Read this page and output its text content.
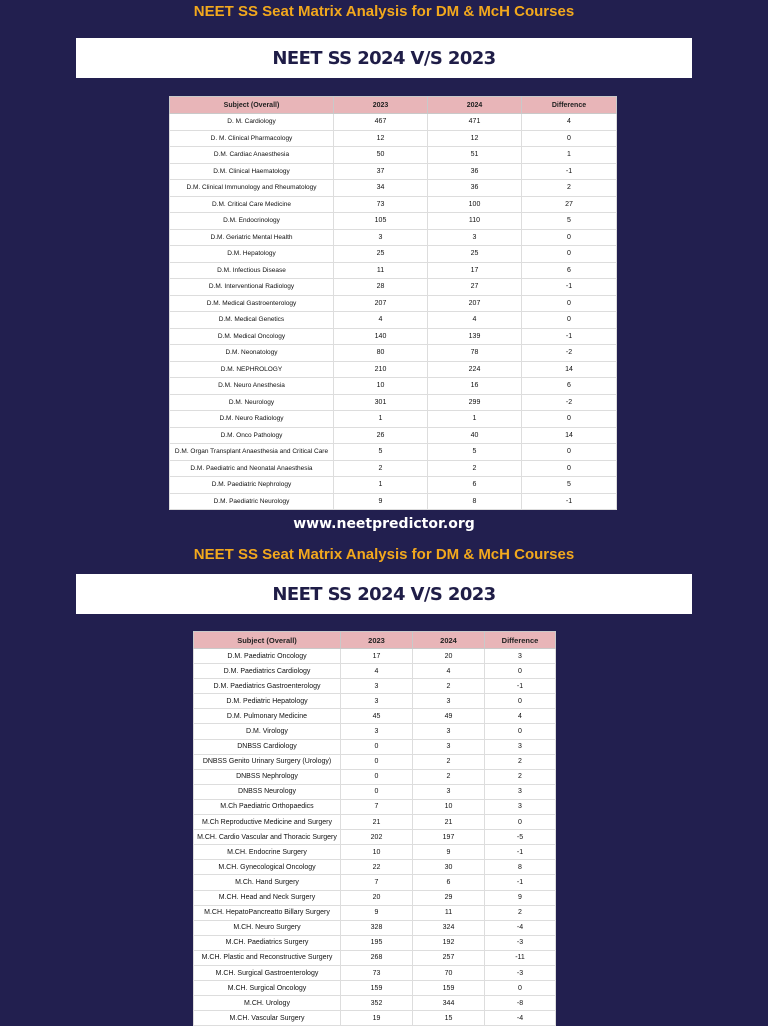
NEET SS Seat Matrix Analysis for DM & McH Courses
NEET SS 2024 V/S 2023
Subject (Overall)	2023	2024	Difference
D. M. Cardiology	467	471	4
D. M. Clinical Pharmacology	12	12	0
D.M. Cardiac Anaesthesia	50	51	1
D.M. Clinical Haematology	37	36	-1
D.M. Clinical Immunology and Rheumatology	34	36	2
D.M. Critical Care Medicine	73	100	27
D.M. Endocrinology	105	110	5
D.M. Geriatric Mental Health	3	3	0
D.M. Hepatology	25	25	0
D.M. Infectious Disease	11	17	6
D.M. Interventional Radiology	28	27	-1
D.M. Medical Gastroenterology	207	207	0
D.M. Medical Genetics	4	4	0
D.M. Medical Oncology	140	139	-1
D.M. Neonatology	80	78	-2
D.M. NEPHROLOGY	210	224	14
D.M. Neuro Anesthesia	10	16	6
D.M. Neurology	301	299	-2
D.M. Neuro Radiology	1	1	0
D.M. Onco Pathology	26	40	14
D.M. Organ Transplant Anaesthesia and Critical Care	5	5	0
D.M. Paediatric and Neonatal Anaesthesia	2	2	0
D.M. Paediatric Nephrology	1	6	5
D.M. Paediatric Neurology	9	8	-1
www.neetpredictor.org
NEET SS Seat Matrix Analysis for DM & McH Courses
NEET SS 2024 V/S 2023
Subject (Overall)	2023	2024	Difference
D.M. Paediatric Oncology	17	20	3
D.M. Paediatrics Cardiology	4	4	0
D.M. Paediatrics Gastroenterology	3	2	-1
D.M. Pediatric Hepatology	3	3	0
D.M. Pulmonary Medicine	45	49	4
D.M. Virology	3	3	0
DNBSS Cardiology	0	3	3
DNBSS Genito Urinary Surgery (Urology)	0	2	2
DNBSS Nephrology	0	2	2
DNBSS Neurology	0	3	3
M.Ch Paediatric Orthopaedics	7	10	3
M.Ch Reproductive Medicine and Surgery	21	21	0
M.CH. Cardio Vascular and Thoracic Surgery	202	197	-5
M.CH. Endocrine Surgery	10	9	-1
M.CH. Gynecological Oncology	22	30	8
M.Ch. Hand Surgery	7	6	-1
M.CH. Head and Neck Surgery	20	29	9
M.CH. HepatoPancreatto Billary Surgery	9	11	2
M.CH. Neuro Surgery	328	324	-4
M.CH. Paediatrics Surgery	195	192	-3
M.CH. Plastic and Reconstructive Surgery	268	257	-11
M.CH. Surgical Gastroenterology	73	70	-3
M.CH. Surgical Oncology	159	159	0
M.CH. Urology	352	344	-8
M.CH. Vascular Surgery	19	15	-4
